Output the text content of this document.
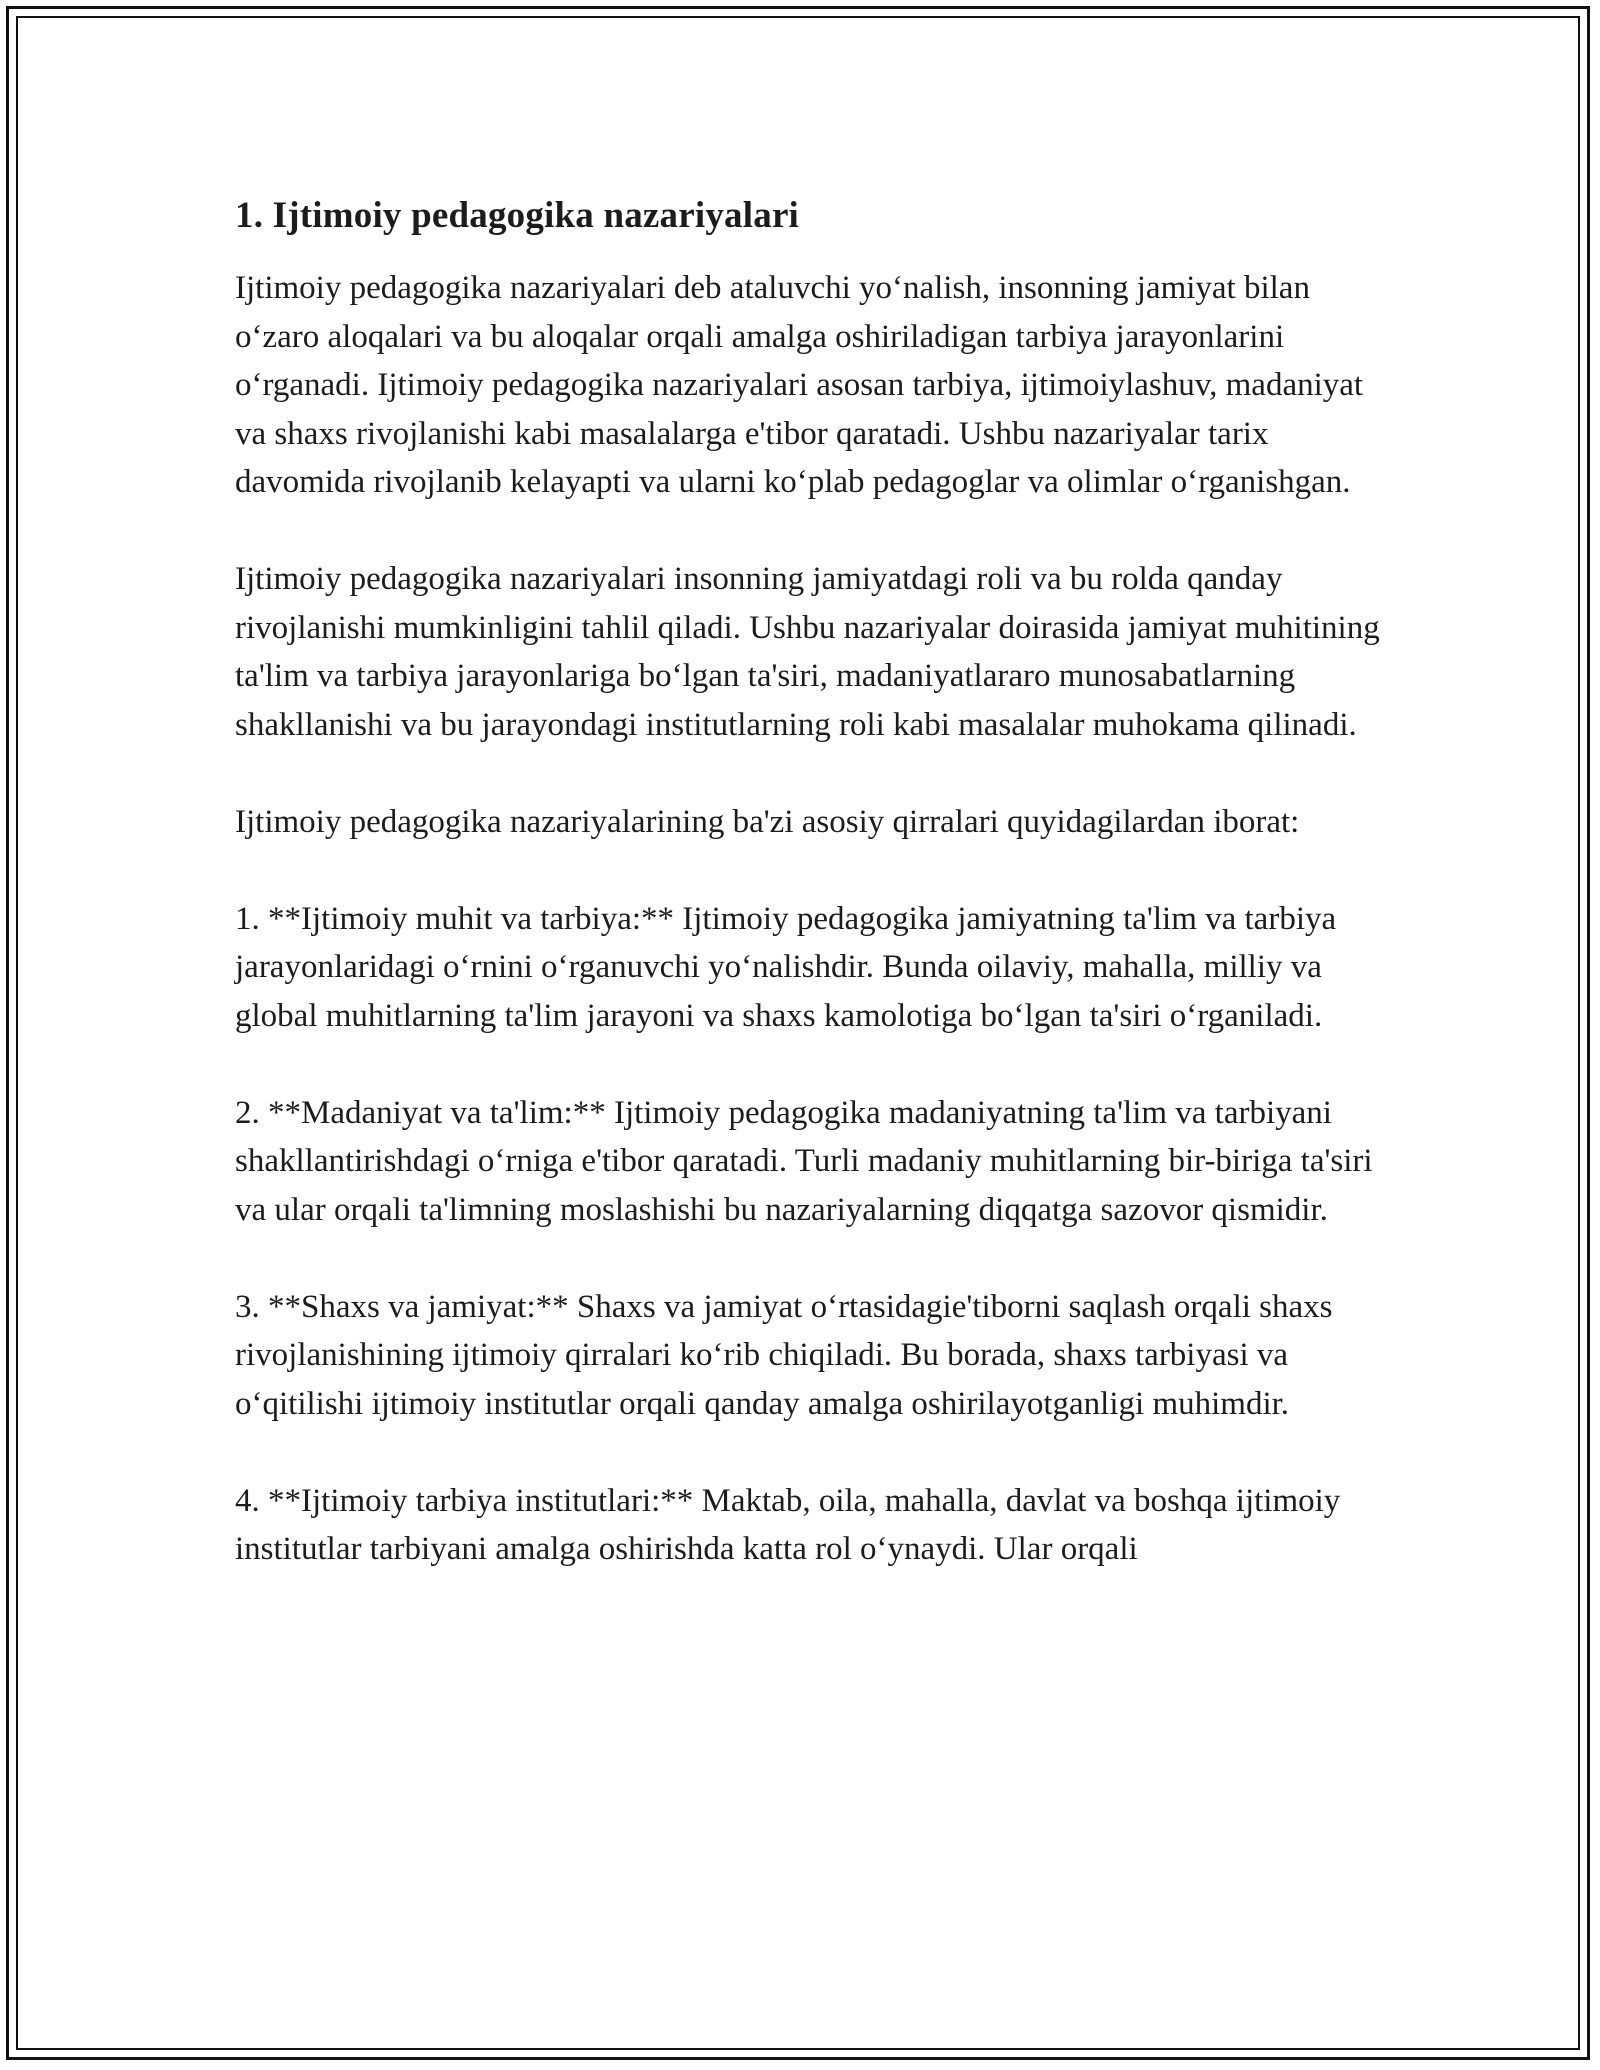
1. Ijtimoiy pedagogika nazariyalari

Ijtimoiy pedagogika nazariyalari deb ataluvchi yo‘nalish, insonning jamiyat bilan o‘zaro aloqalari va bu aloqalar orqali amalga oshiriladigan tarbiya jarayonlarini o‘rganadi. Ijtimoiy pedagogika nazariyalari asosan tarbiya, ijtimoiylashuv, madaniyat va shaxs rivojlanishi kabi masalalarga e'tibor qaratadi. Ushbu nazariyalar tarix davomida rivojlanib kelayapti va ularni ko‘plab pedagoglar va olimlar o‘rganishgan.

Ijtimoiy pedagogika nazariyalari insonning jamiyatdagi roli va bu rolda qanday rivojlanishi mumkinligini tahlil qiladi. Ushbu nazariyalar doirasida jamiyat muhitining ta'lim va tarbiya jarayonlariga bo‘lgan ta'siri, madaniyatlararo munosabatlarning shakllanishi va bu jarayondagi institutlarning roli kabi masalalar muhokama qilinadi.

Ijtimoiy pedagogika nazariyalarining ba'zi asosiy qirralari quyidagilardan iborat:

1. **Ijtimoiy muhit va tarbiya:** Ijtimoiy pedagogika jamiyatning ta'lim va tarbiya jarayonlaridagi o‘rnini o‘rganuvchi yo‘nalishdir. Bunda oilaviy, mahalla, milliy va global muhitlarning ta'lim jarayoni va shaxs kamolotiga bo‘lgan ta'siri o‘rganiladi.

2. **Madaniyat va ta'lim:** Ijtimoiy pedagogika madaniyatning ta'lim va tarbiyani shakllantirishdagi o‘rniga e'tibor qaratadi. Turli madaniy muhitlarning bir-biriga ta'siri va ular orqali ta'limning moslashishi bu nazariyalarning diqqatga sazovor qismidir.

3. **Shaxs va jamiyat:** Shaxs va jamiyat o‘rtasidagie'tiborni saqlash orqali shaxs rivojlanishining ijtimoiy qirralari ko‘rib chiqiladi. Bu borada, shaxs tarbiyasi va o‘qitilishi ijtimoiy institutlar orqali qanday amalga oshirilayotganligi muhimdir.

4. **Ijtimoiy tarbiya institutlari:** Maktab, oila, mahalla, davlat va boshqa ijtimoiy institutlar tarbiyani amalga oshirishda katta rol o‘ynaydi. Ular orqali
